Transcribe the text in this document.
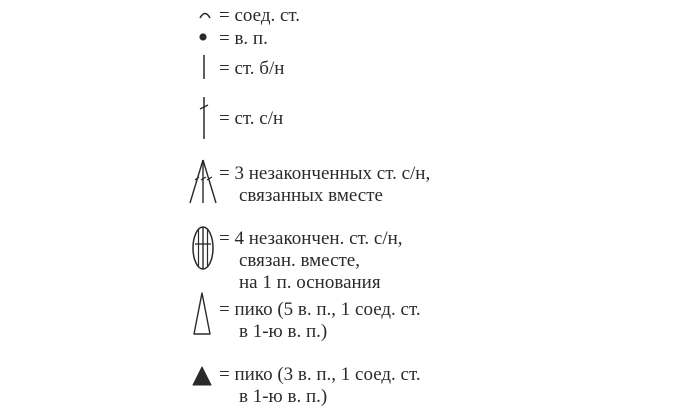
= соед. ст.
= в. п.
= ст. б/н
= ст. с/н
= 3 незаконченных ст. с/н,
связанных вместе
= 4 незакончен. ст. с/н,
связан. вместе,
на 1 п. основания
= пико (5 в. п., 1 соед. ст.
в 1-ю в. п.)
= пико (3 в. п., 1 соед. ст.
в 1-ю в. п.)
